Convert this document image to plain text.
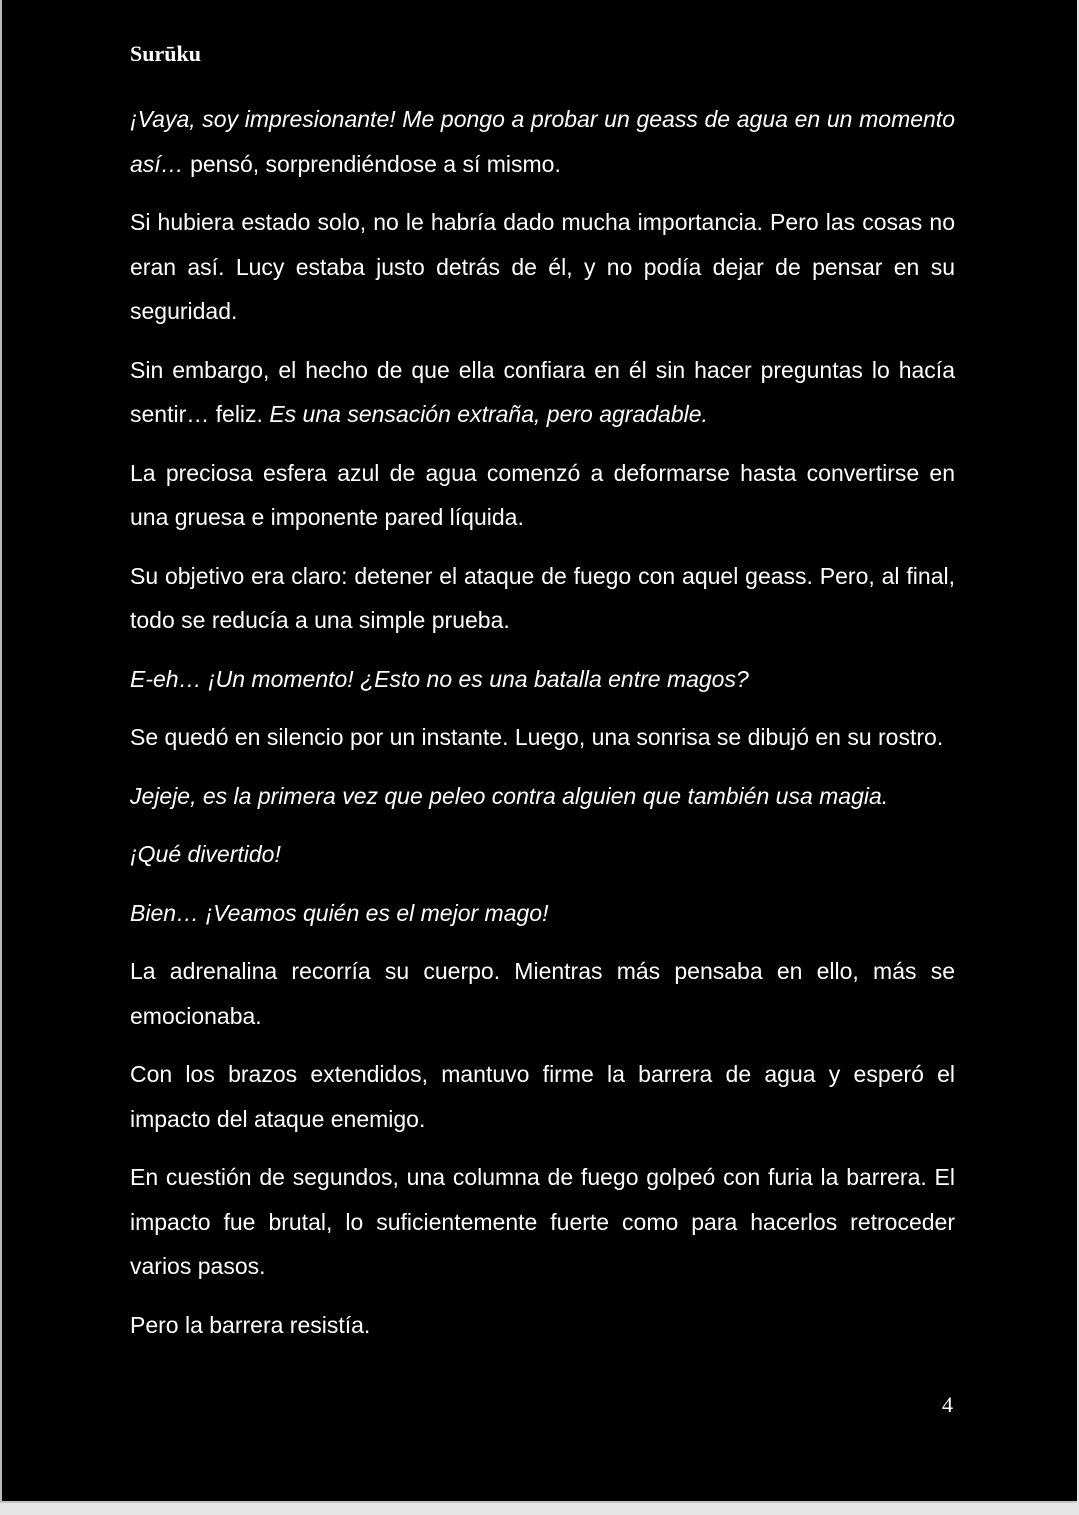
Surūku

¡Vaya, soy impresionante! Me pongo a probar un geass de agua en un momento así… pensó, sorprendiéndose a sí mismo.

Si hubiera estado solo, no le habría dado mucha importancia. Pero las cosas no eran así. Lucy estaba justo detrás de él, y no podía dejar de pensar en su seguridad.

Sin embargo, el hecho de que ella confiara en él sin hacer preguntas lo hacía sentir… feliz. Es una sensación extraña, pero agradable.

La preciosa esfera azul de agua comenzó a deformarse hasta convertirse en una gruesa e imponente pared líquida.

Su objetivo era claro: detener el ataque de fuego con aquel geass. Pero, al final, todo se reducía a una simple prueba.

E-eh… ¡Un momento! ¿Esto no es una batalla entre magos?

Se quedó en silencio por un instante. Luego, una sonrisa se dibujó en su rostro.

Jejeje, es la primera vez que peleo contra alguien que también usa magia.

¡Qué divertido!

Bien… ¡Veamos quién es el mejor mago!

La adrenalina recorría su cuerpo. Mientras más pensaba en ello, más se emocionaba.

Con los brazos extendidos, mantuvo firme la barrera de agua y esperó el impacto del ataque enemigo.

En cuestión de segundos, una columna de fuego golpeó con furia la barrera. El impacto fue brutal, lo suficientemente fuerte como para hacerlos retroceder varios pasos.

Pero la barrera resistía.

4
